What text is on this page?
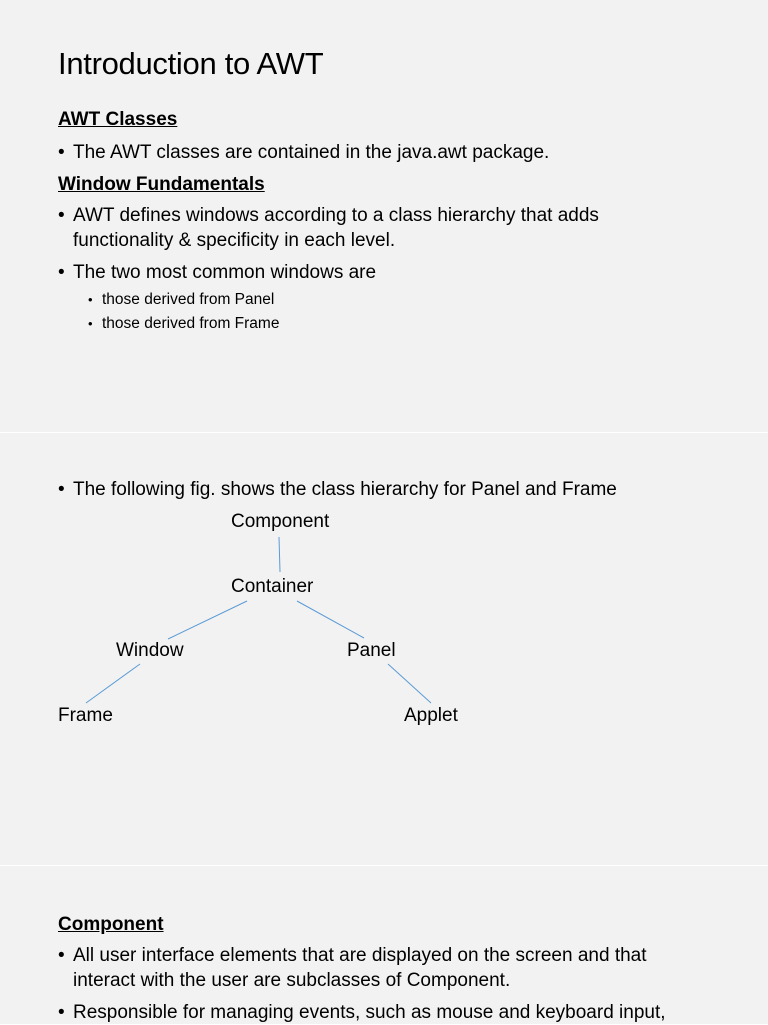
Introduction to AWT
AWT Classes
• The AWT classes are contained in the java.awt package.
Window Fundamentals
• AWT defines windows according to a class hierarchy that adds
functionality & specificity in each level.
• The two most common windows are
• those derived from Panel
• those derived from Frame
• The following fig. shows the class hierarchy for Panel and Frame
Component
Container
Window	Panel
Frame	Applet
Component
• All user interface elements that are displayed on the screen and that
interact with the user are subclasses of Component.
• Responsible for managing events, such as mouse and keyboard input,
